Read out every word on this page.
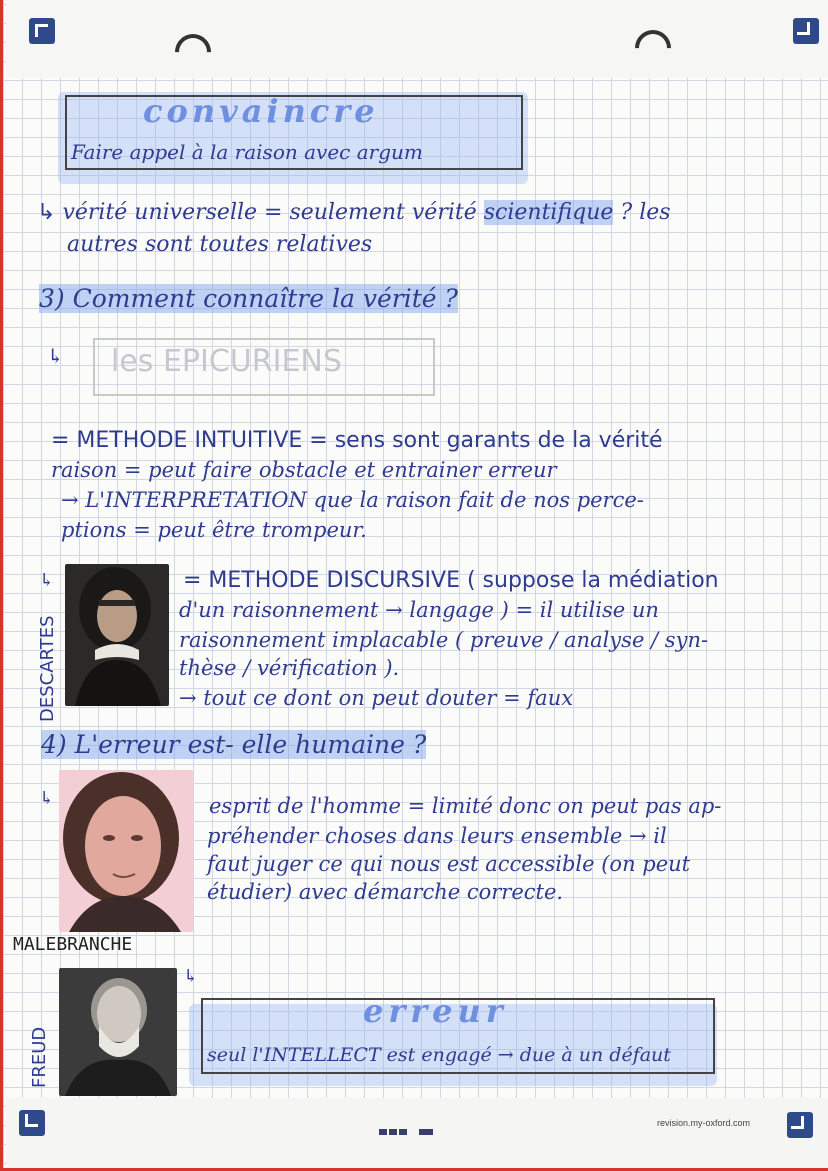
convaincre
Faire appel à la raison avec argum
↳ vérité universelle = seulement vérité scientifique ? les
autres sont toutes relatives
3) Comment connaître la vérité ?
↳ les EPICURIENS
= METHODE INTUITIVE = sens sont garants de la vérité
raison = peut faire obstacle et entrainer erreur
→ L'INTERPRETATION que la raison fait de nos perce-
ptions = peut être trompeur.
↳
DESCARTES
= METHODE DISCURSIVE ( suppose la médiation
d'un raisonnement → langage ) = il utilise un
raisonnement implacable ( preuve / analyse / syn-
thèse / vérification ).
→ tout ce dont on peut douter = faux
4) L'erreur est- elle humaine ?
↳
MALEBRANCHE
esprit de l'homme = limité donc on peut pas ap-
préhender choses dans leurs ensemble → il
faut juger ce qui nous est accessible (on peut
étudier) avec démarche correcte.
FREUD
↳
erreur
seul l'INTELLECT est engagé → due à un défaut
revision.my-oxford.com
